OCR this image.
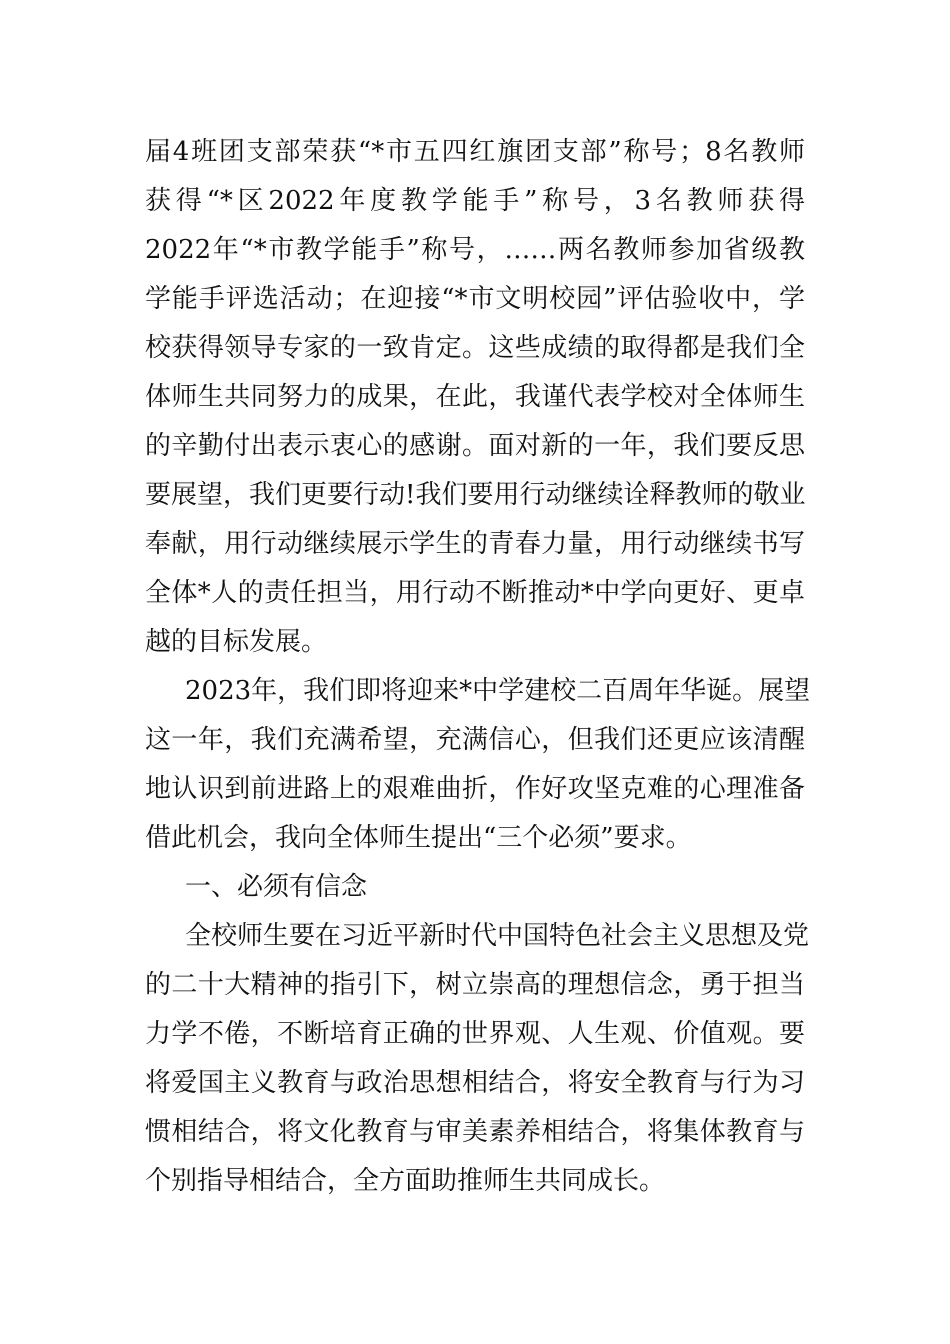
届4班团支部荣获“*市五四红旗团支部”称号；8名教师
获得“*区2022年度教学能手”称号，3名教师获得
2022年“*市教学能手”称号，……两名教师参加省级教
学能手评选活动；在迎接“*市文明校园”评估验收中，学
校获得领导专家的一致肯定。这些成绩的取得都是我们全
体师生共同努力的成果，在此，我谨代表学校对全体师生
的辛勤付出表示衷心的感谢。面对新的一年，我们要反思
要展望，我们更要行动!我们要用行动继续诠释教师的敬业
奉献，用行动继续展示学生的青春力量，用行动继续书写
全体*人的责任担当，用行动不断推动*中学向更好、更卓
越的目标发展。
2023年，我们即将迎来*中学建校二百周年华诞。展望
这一年，我们充满希望，充满信心，但我们还更应该清醒
地认识到前进路上的艰难曲折，作好攻坚克难的心理准备
借此机会，我向全体师生提出“三个必须”要求。
一、必须有信念
全校师生要在习近平新时代中国特色社会主义思想及党
的二十大精神的指引下，树立崇高的理想信念，勇于担当
力学不倦，不断培育正确的世界观、人生观、价值观。要
将爱国主义教育与政治思想相结合，将安全教育与行为习
惯相结合，将文化教育与审美素养相结合，将集体教育与
个别指导相结合，全方面助推师生共同成长。
